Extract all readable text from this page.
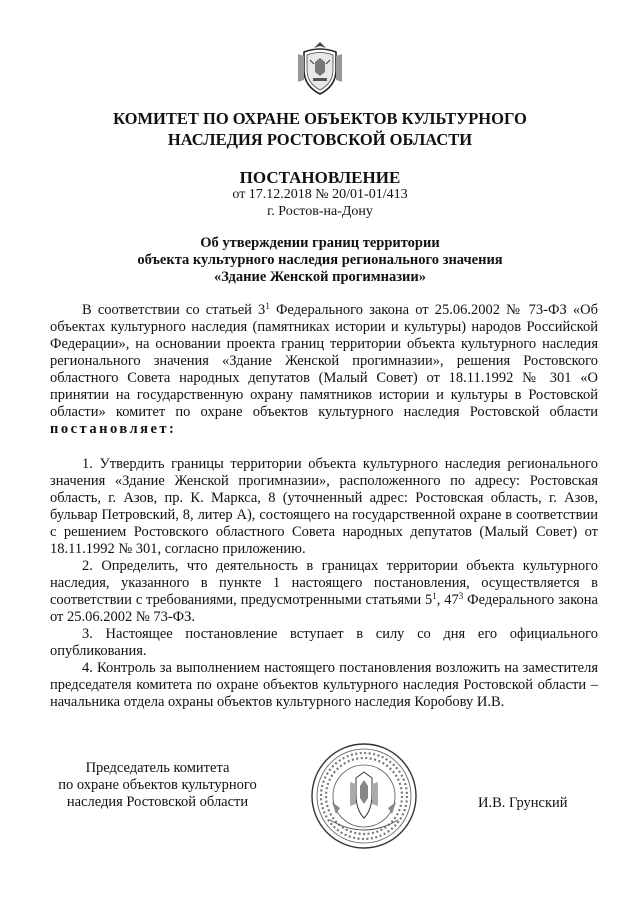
КОМИТЕТ ПО ОХРАНЕ ОБЪЕКТОВ КУЛЬТУРНОГО
НАСЛЕДИЯ РОСТОВСКОЙ ОБЛАСТИ
ПОСТАНОВЛЕНИЕ
от 17.12.2018 № 20/01-01/413
г. Ростов-на-Дону
Об утверждении границ территории
объекта культурного наследия регионального значения
«Здание Женской прогимназии»

В соответствии со статьей $3^1$ Федерального закона от 25.06.2002 № 73-ФЗ «Об объектах культурного наследия (памятниках истории и культуры) народов Российской Федерации», на основании проекта границ территории объекта культурного наследия регионального значения «Здание Женской прогимназии», решения Ростовского областного Совета народных депутатов (Малый Совет) от 18.11.1992 № 301 «О принятии на государственную охрану памятников истории и культуры в Ростовской области» комитет по охране объектов культурного наследия Ростовской области постановляет:

1. Утвердить границы территории объекта культурного наследия регионального значения «Здание Женской прогимназии», расположенного по адресу: Ростовская область, г. Азов, пр. К. Маркса, 8 (уточненный адрес: Ростовская область, г. Азов, бульвар Петровский, 8, литер А), состоящего на государственной охране в соответствии с решением Ростовского областного Совета народных депутатов (Малый Совет) от 18.11.1992 № 301, согласно приложению.

2. Определить, что деятельность в границах территории объекта культурного наследия, указанного в пункте 1 настоящего постановления, осуществляется в соответствии с требованиями, предусмотренными статьями $5^1$, $47^3$ Федерального закона от 25.06.2002 № 73-ФЗ.

3. Настоящее постановление вступает в силу со дня его официального опубликования.

4. Контроль за выполнением настоящего постановления возложить на заместителя председателя комитета по охране объектов культурного наследия Ростовской области – начальника отдела охраны объектов культурного наследия Коробову И.В.

Председатель комитета
по охране объектов культурного
наследия Ростовской области	И.В. Грунский
